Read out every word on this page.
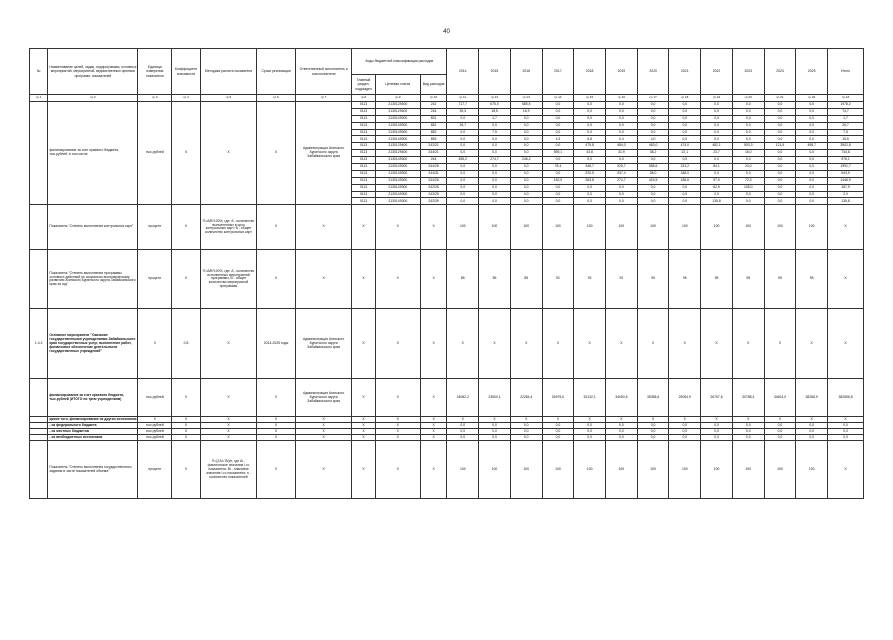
40
№	Наименование целей, задач, подпрограммы, основных мероприятий, мероприятий, ведомственных целевых программ, показателей	Единица измерения показателя	Коэффициент значимости	Методика расчета показателя	Сроки реализации	Ответственный исполнитель и соисполнители	Коды бюджетной классификации расходов			2014	2015	2016	2017	2018	2019	2020	2021	2022	2023	2024	2025	Итого
							Главный раздел, подраздел	Целевая статья	Вид расходов													
гр.1	гр.2	гр.3	гр.4	гр.5	гр.6	гр.7	гр.8	гр.9	гр.10	гр.11	гр.12	гр.13	гр.14	гр.15	гр.16	гр.17	гр.18	гр.19	гр.20	гр.21	гр.22	гр.23
	финансирование за счет краевого бюджета, тыс.рублей, в том числе	тыс.рублей	Х	Х	Х	Администрация Агинского Бурятского округа Забайкальского края	0113	2130129400	242	717,7	675,0	585,5	0,0	0,0	0,0	0,0	0,0	0,0	0,0	0,0	0,0	1978,2
							0113	2130129400	244	39,3	18,5	16,9	0,0	0,0	0,0	0,0	0,0	0,0	0,0	0,0	0,0	74,7
							0113	2130149300	831	0,0	1,7	0,0	0,0	0,0	0,0	0,0	0,0	0,0	0,0	0,0	0,0	1,7
							0113	2130149300	851	26,7	0,0	0,0	0,0	0,0	0,0	0,0	0,0	0,0	0,0	0,0	0,0	26,7
							0113	2130149300	852	0,0	7,5	0,0	0,0	0,0	0,0	0,0	0,0	0,0	0,0	0,0	0,0	7,5
							0113	2130149300	853	0,0	0,0	0,0	4,3	6,8	0,4	4,0	0,0	0,0	0,0	0,0	0,0	15,5
							0113	2130129400	242/21	0,0	0,0	0,0	0,0	475,8	484,0	463,0	474,0	482,1	503,3	121,5	498,7	3502,8
							0113	2130129400	244/21	0,0	0,0	0,0	559,1	43,8	31,9	38,2	22,1	23,7	16,0	0,0	0,0	734,8
							0113	2130149300	244	455,2	274,7	246,2	0,0	0,0	0,0	0,0	0,0	0,0	0,0	0,0	0,0	976,1
							0113	2130149300	244/26	0,0	0,0	0,0	78,4	346,7	325,7	558,6	313,2	84,1	24,0	0,0	0,0	1991,7
							0113	2130149300	244/31	0,0	0,0	0,0	0,0	220,5	337,4	38,0	348,0	0,0	0,0	0,0	0,0	943,9
							0113	2130149300	244/26	0,0	0,0	0,0	152,0	263,8	274,7	416,5	186,6	97,0	72,3	0,0	0,0	1446,9
							0113	2130149300	242/26	0,0	0,0	0,0	0,0	0,0	0,0	0,0	0,0	62,9	105,0	0,0	0,0	167,9
							0113	2130149300	242/25	0,0	0,0	0,0	0,0	0,0	0,0	0,0	0,0	2,0	0,0	0,0	0,0	2,0
							0113	2130149300	242/39	0,0	0,0	0,0	0,0	0,0	0,0	0,0	0,0	135,8	0,0	0,0	0,0	135,8
	Показатель "Степень выполнения контрольных карт"	процент	Х	П=А/В*100%, где: А - количество выполненных в срок контрольных карт; В - общее количество контрольных карт	Х	Х	Х	Х	Х	100	100	100	100	100	100	100	100	100	100	100	100	Х
	Показатель "Степень выполнения программы основных действий по социально-экономическому развитию Агинского Бурятского округа Забайкальского края за год"	процент	Х	П=А/В*100%, где: А - количество исполненных мероприятий программы; В - общее количество мероприятий программы	Х	Х	Х	Х	Х	85	85	85	92	92	92	95	95	95	95	95	95	Х
1.4.2	Основное мероприятие "Оказание государственными учреждениями Забайкальского края государственных услуг, выполнение работ, финансовое обеспечение деятельности государственных учреждений"	Х	0,8	Х	2014-2025 годы	Администрация Агинского Бурятского округа Забайкальского края	Х	Х	Х	Х	Х	Х	Х	Х	Х	Х	Х	Х	Х	Х	Х	Х
	финансирование за счет краевого бюджета, тыс.рублей (ИТОГО по трем учреждениям)	тыс.рублей	Х	Х	Х	Администрация Агинского Бурятского округа Забайкальского края	Х	Х	Х	24082,2	23500,1	22284,4	26975,0	32132,1	34050,6	35358,6	25054,9	26767,6	30788,4	34624,0	38268,9	382896,8
	кроме того, финансирование из других источников:	Х	Х	Х	Х	Х	Х	Х	Х	Х	Х	Х	Х	Х	Х	Х	Х	Х	Х	Х	Х	Х
	- из федерального бюджета	тыс.рублей	Х	Х	Х	Х	Х	Х	Х	0,0	0,0	0,0	0,0	0,0	0,0	0,0	0,0	0,0	0,0	0,0	0,0	0,0
	- из местных бюджетов	тыс.рублей	Х	Х	Х	Х	Х	Х	Х	0,0	0,0	0,0	0,0	0,0	0,0	0,0	0,0	0,0	0,0	0,0	0,0	0,0
	- из внебюджетных источников	тыс.рублей	Х	Х	Х	Х	Х	Х	Х	0,0	0,0	0,0	0,0	0,0	0,0	0,0	0,0	0,0	0,0	0,0	0,0	0,0
	Показатель "Степень выполнения государственного задания в части показателей объема"	процент	Х	П=(ΣАi / Вi)/n, где Аi - фактическое значение i-го показателя; Вi - плановое значение i-го показателя; n - количество показателей	Х	Х	Х	Х	Х	100	100	100	100	100	100	100	100	100	100	100	100	Х
